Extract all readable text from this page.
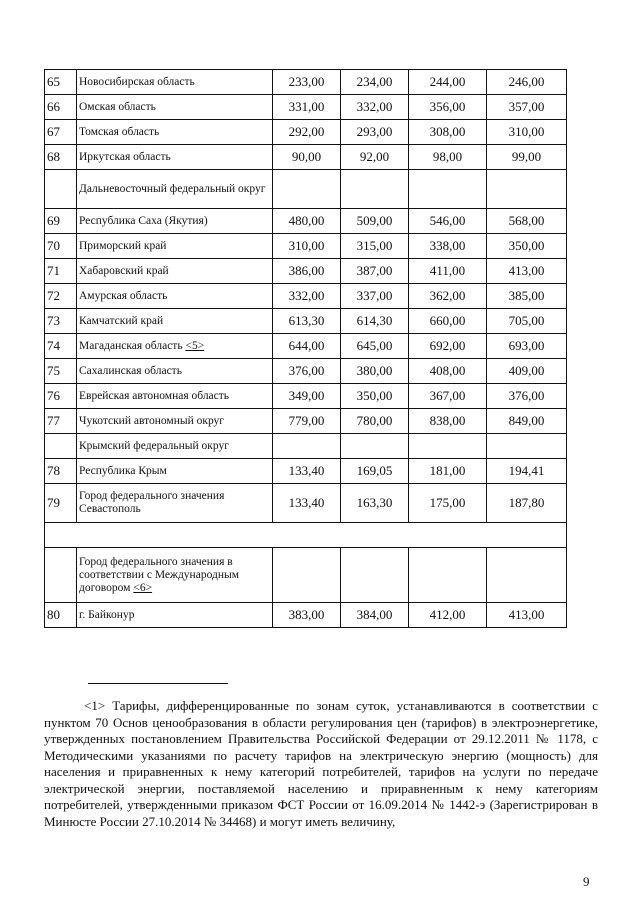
65	Новосибирская область	233,00	234,00	244,00	246,00
66	Омская область	331,00	332,00	356,00	357,00
67	Томская область	292,00	293,00	308,00	310,00
68	Иркутская область	90,00	92,00	98,00	99,00
	Дальневосточный федеральный округ				
69	Республика Саха (Якутия)	480,00	509,00	546,00	568,00
70	Приморский край	310,00	315,00	338,00	350,00
71	Хабаровский край	386,00	387,00	411,00	413,00
72	Амурская область	332,00	337,00	362,00	385,00
73	Камчатский край	613,30	614,30	660,00	705,00
74	Магаданская область <5>	644,00	645,00	692,00	693,00
75	Сахалинская область	376,00	380,00	408,00	409,00
76	Еврейская автономная область	349,00	350,00	367,00	376,00
77	Чукотский автономный округ	779,00	780,00	838,00	849,00
	Крымский федеральный округ				
78	Республика Крым	133,40	169,05	181,00	194,41
79	Город федерального значения Севастополь	133,40	163,30	175,00	187,80

	Город федерального значения в соответствии с Международным договором <6>				
80	г. Байконур	383,00	384,00	412,00	413,00

<1> Тарифы, дифференцированные по зонам суток, устанавливаются в соответствии с пунктом 70 Основ ценообразования в области регулирования цен (тарифов) в электроэнергетике, утвержденных постановлением Правительства Российской Федерации от 29.12.2011 № 1178, с Методическими указаниями по расчету тарифов на электрическую энергию (мощность) для населения и приравненных к нему категорий потребителей, тарифов на услуги по передаче электрической энергии, поставляемой населению и приравненным к нему категориям потребителей, утвержденными приказом ФСТ России от 16.09.2014 № 1442-э (Зарегистрирован в Минюсте России 27.10.2014 № 34468) и могут иметь величину,

9
